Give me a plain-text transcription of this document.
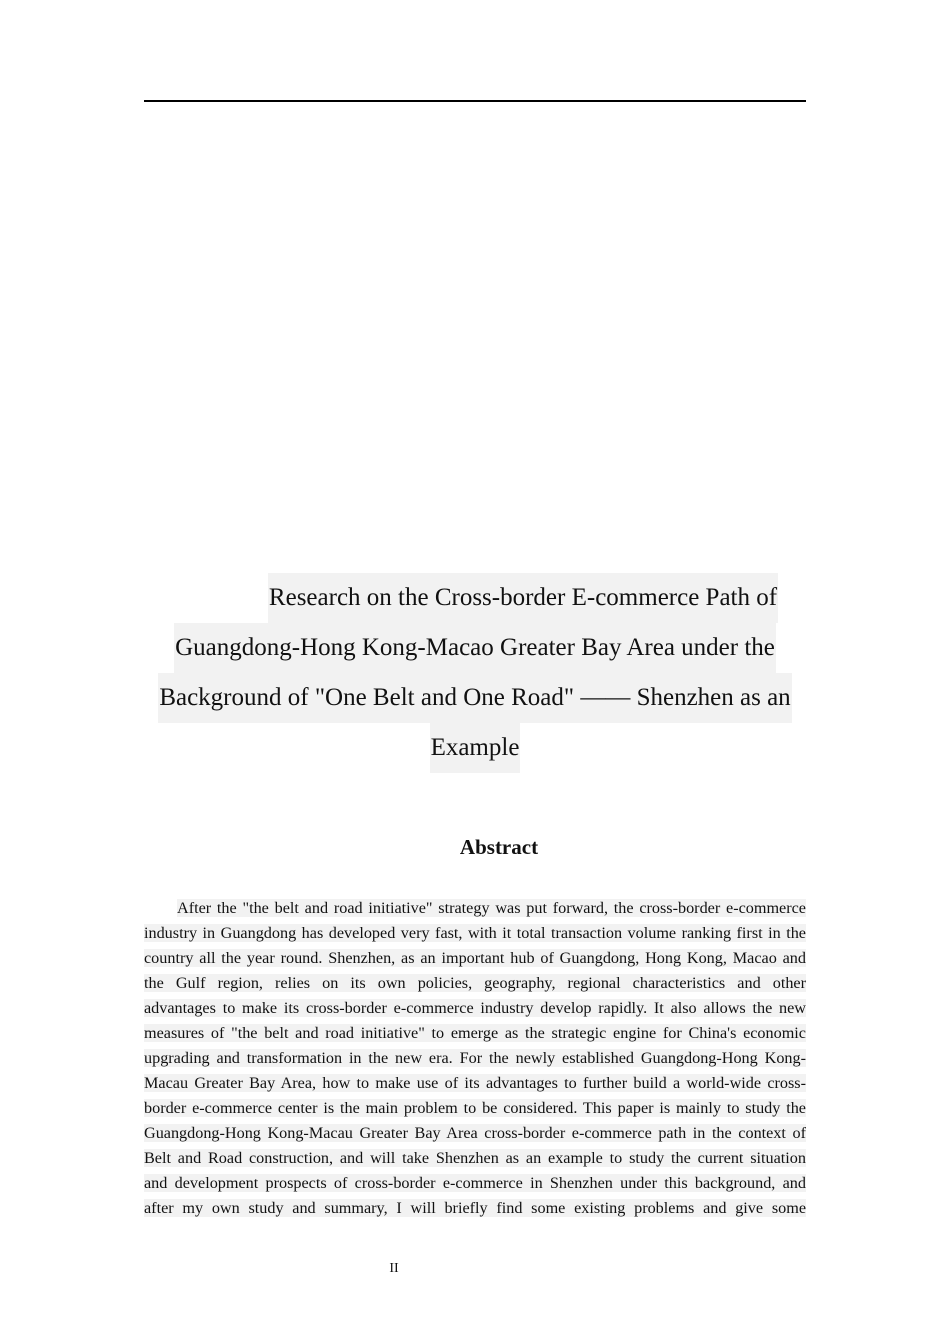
Research on the Cross-border E-commerce Path of
Guangdong-Hong Kong-Macao Greater Bay Area under the
Background of "One Belt and One Road" —— Shenzhen as an
Example
Abstract
After the "the belt and road initiative" strategy was put forward, the cross-border e-commerce
industry in Guangdong has developed very fast, with it total transaction volume ranking first in the
country all the year round. Shenzhen, as an important hub of Guangdong, Hong Kong, Macao and
the Gulf region, relies on its own policies, geography, regional characteristics and other
advantages to make its cross-border e-commerce industry develop rapidly. It also allows the new
measures of "the belt and road initiative" to emerge as the strategic engine for China's economic
upgrading and transformation in the new era. For the newly established Guangdong-Hong Kong-
Macau Greater Bay Area, how to make use of its advantages to further build a world-wide cross-
border e-commerce center is the main problem to be considered. This paper is mainly to study the
Guangdong-Hong Kong-Macau Greater Bay Area cross-border e-commerce path in the context of
Belt and Road construction, and will take Shenzhen as an example to study the current situation
and development prospects of cross-border e-commerce in Shenzhen under this background, and
after my own study and summary, I will briefly find some existing problems and give some
II
